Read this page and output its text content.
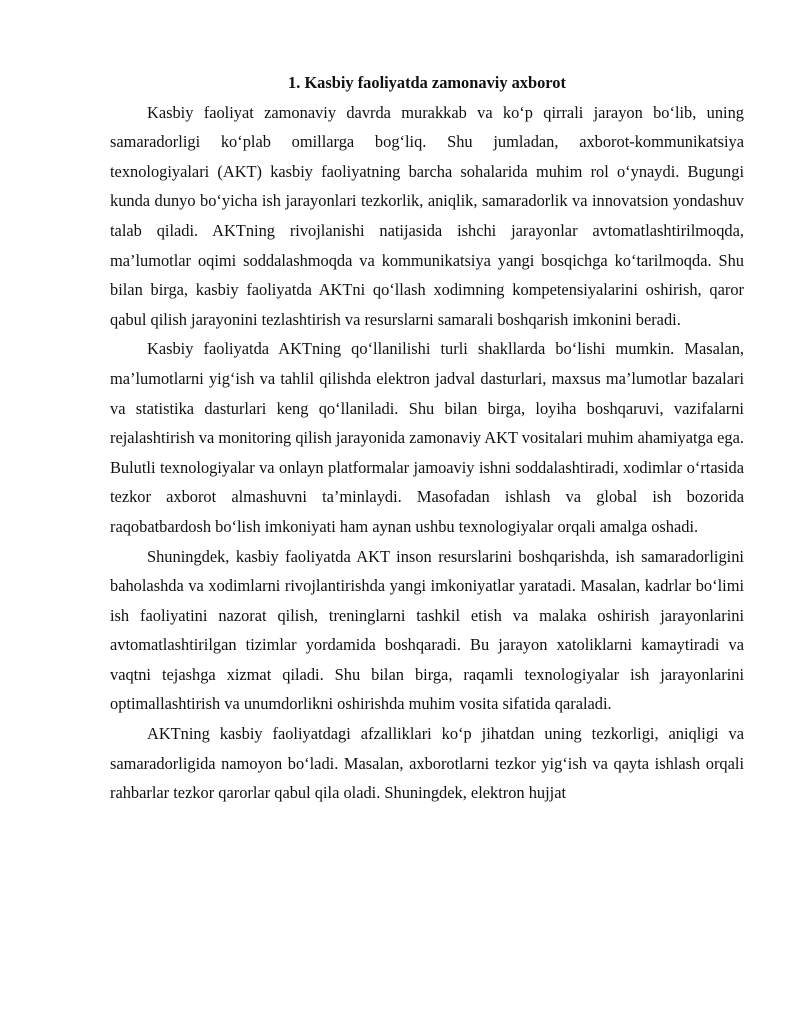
1. Kasbiy faoliyatda zamonaviy axborot

Kasbiy faoliyat zamonaviy davrda murakkab va ko‘p qirrali jarayon bo‘lib, uning samaradorligi ko‘plab omillarga bog‘liq. Shu jumladan, axborot-kommunikatsiya texnologiyalari (AKT) kasbiy faoliyatning barcha sohalarida muhim rol o‘ynaydi. Bugungi kunda dunyo bo‘yicha ish jarayonlari tezkorlik, aniqlik, samaradorlik va innovatsion yondashuv talab qiladi. AKTning rivojlanishi natijasida ishchi jarayonlar avtomatlashtirilmoqda, ma’lumotlar oqimi soddalashmoqda va kommunikatsiya yangi bosqichga ko‘tarilmoqda. Shu bilan birga, kasbiy faoliyatda AKTni qo‘llash xodimning kompetensiyalarini oshirish, qaror qabul qilish jarayonini tezlashtirish va resurslarni samarali boshqarish imkonini beradi.

Kasbiy faoliyatda AKTning qo‘llanilishi turli shakllarda bo‘lishi mumkin. Masalan, ma’lumotlarni yig‘ish va tahlil qilishda elektron jadval dasturlari, maxsus ma’lumotlar bazalari va statistika dasturlari keng qo‘llaniladi. Shu bilan birga, loyiha boshqaruvi, vazifalarni rejalashtirish va monitoring qilish jarayonida zamonaviy AKT vositalari muhim ahamiyatga ega. Bulutli texnologiyalar va onlayn platformalar jamoaviy ishni soddalashtiradi, xodimlar o‘rtasida tezkor axborot almashuvni ta’minlaydi. Masofadan ishlash va global ish bozorida raqobatbardosh bo‘lish imkoniyati ham aynan ushbu texnologiyalar orqali amalga oshadi.

Shuningdek, kasbiy faoliyatda AKT inson resurslarini boshqarishda, ish samaradorligini baholashda va xodimlarni rivojlantirishda yangi imkoniyatlar yaratadi. Masalan, kadrlar bo‘limi ish faoliyatini nazorat qilish, treninglarni tashkil etish va malaka oshirish jarayonlarini avtomatlashtirilgan tizimlar yordamida boshqaradi. Bu jarayon xatoliklarni kamaytiradi va vaqtni tejashga xizmat qiladi. Shu bilan birga, raqamli texnologiyalar ish jarayonlarini optimallashtirish va unumdorlikni oshirishda muhim vosita sifatida qaraladi.

AKTning kasbiy faoliyatdagi afzalliklari ko‘p jihatdan uning tezkorligi, aniqligi va samaradorligida namoyon bo‘ladi. Masalan, axborotlarni tezkor yig‘ish va qayta ishlash orqali rahbarlar tezkor qarorlar qabul qila oladi. Shuningdek, elektron hujjat
